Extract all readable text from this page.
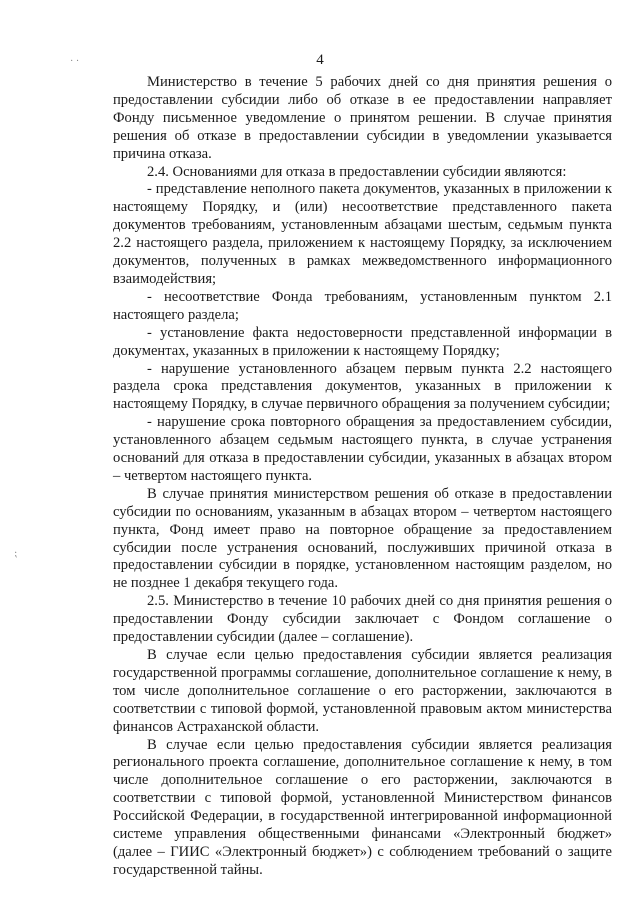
· ·
⁏
4

Министерство в течение 5 рабочих дней со дня принятия решения о предоставлении субсидии либо об отказе в ее предоставлении направляет Фонду письменное уведомление о принятом решении. В случае принятия решения об отказе в предоставлении субсидии в уведомлении указывается причина отказа.

2.4. Основаниями для отказа в предоставлении субсидии являются:

- представление неполного пакета документов, указанных в приложении к настоящему Порядку, и (или) несоответствие представленного пакета документов требованиям, установленным абзацами шестым, седьмым пункта 2.2 настоящего раздела, приложением к настоящему Порядку, за исключением документов, полученных в рамках межведомственного информационного взаимодействия;

- несоответствие Фонда требованиям, установленным пунктом 2.1 настоящего раздела;

- установление факта недостоверности представленной информации в документах, указанных в приложении к настоящему Порядку;

- нарушение установленного абзацем первым пункта 2.2 настоящего раздела срока представления документов, указанных в приложении к настоящему Порядку, в случае первичного обращения за получением субсидии;

- нарушение срока повторного обращения за предоставлением субсидии, установленного абзацем седьмым настоящего пункта, в случае устранения оснований для отказа в предоставлении субсидии, указанных в абзацах втором – четвертом настоящего пункта.

В случае принятия министерством решения об отказе в предоставлении субсидии по основаниям, указанным в абзацах втором – четвертом настоящего пункта, Фонд имеет право на повторное обращение за предоставлением субсидии после устранения оснований, послуживших причиной отказа в предоставлении субсидии в порядке, установленном настоящим разделом, но не позднее 1 декабря текущего года.

2.5. Министерство в течение 10 рабочих дней со дня принятия решения о предоставлении Фонду субсидии заключает с Фондом соглашение о предоставлении субсидии (далее – соглашение).

В случае если целью предоставления субсидии является реализация государственной программы соглашение, дополнительное соглашение к нему, в том числе дополнительное соглашение о его расторжении, заключаются в соответствии с типовой формой, установленной правовым актом министерства финансов Астраханской области.

В случае если целью предоставления субсидии является реализация регионального проекта соглашение, дополнительное соглашение к нему, в том числе дополнительное соглашение о его расторжении, заключаются в соответствии с типовой формой, установленной Министерством финансов Российской Федерации, в государственной интегрированной информационной системе управления общественными финансами «Электронный бюджет» (далее – ГИИС «Электронный бюджет») с соблюдением требований о защите государственной тайны.
